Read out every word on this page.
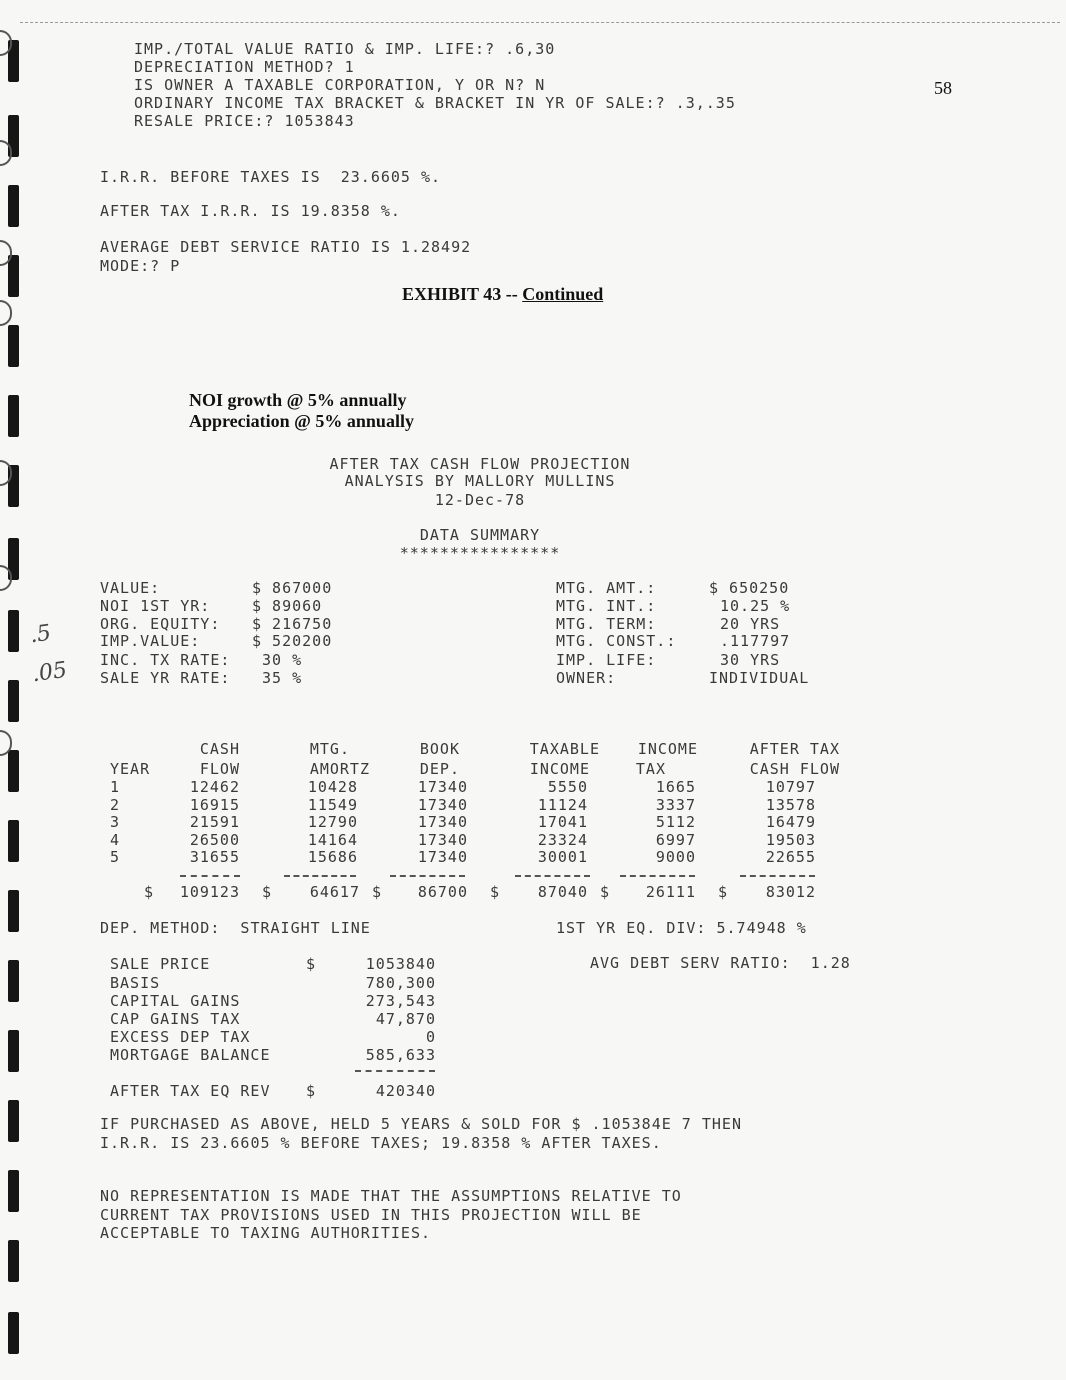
58
IMP./TOTAL VALUE RATIO & IMP. LIFE:? .6,30
DEPRECIATION METHOD? 1
IS OWNER A TAXABLE CORPORATION, Y OR N? N
ORDINARY INCOME TAX BRACKET & BRACKET IN YR OF SALE:? .3,.35
RESALE PRICE:? 1053843
I.R.R. BEFORE TAXES IS  23.6605 %.
AFTER TAX I.R.R. IS 19.8358 %.
AVERAGE DEBT SERVICE RATIO IS 1.28492
MODE:? P
EXHIBIT 43 -- Continued
NOI growth @ 5% annually
Appreciation @ 5% annually
AFTER TAX CASH FLOW PROJECTION
ANALYSIS BY MALLORY MULLINS
12-Dec-78
DATA SUMMARY
****************
VALUE:	$ 867000
NOI 1ST YR:	$ 89060
ORG. EQUITY: $ 216750
IMP.VALUE:	$ 520200
INC. TX RATE: 30 %
SALE YR RATE: 35 %
MTG. AMT.:	$ 650250
MTG. INT.:	10.25 %
MTG. TERM:	20 YRS
MTG. CONST.:	.117797
IMP. LIFE:	30 YRS
OWNER:	INDIVIDUAL
.5
.05
CASH	MTG.	BOOK	TAXABLE	INCOME	AFTER TAX
YEAR	FLOW	AMORTZ	DEP.	INCOME	TAX	CASH FLOW
1	12462	10428	17340	5550	1665	10797
2	16915	11549	17340	11124	3337	13578
3	21591	12790	17340	17041	5112	16479
4	26500	14164	17340	23324	6997	19503
5	31655	15686	17340	30001	9000	22655
$	109123 $	64617 $	86700 $	87040 $	26111 $	83012
DEP. METHOD:  STRAIGHT LINE	1ST YR EQ. DIV: 5.74948 %
AVG DEBT SERV RATIO:  1.28
SALE PRICE	$	1053840
BASIS	780,300
CAPITAL GAINS	273,543
CAP GAINS TAX	47,870
EXCESS DEP TAX	0
MORTGAGE BALANCE	585,633
AFTER TAX EQ REV $	420340
IF PURCHASED AS ABOVE, HELD 5 YEARS & SOLD FOR $ .105384E 7 THEN
I.R.R. IS 23.6605 % BEFORE TAXES; 19.8358 % AFTER TAXES.
NO REPRESENTATION IS MADE THAT THE ASSUMPTIONS RELATIVE TO
CURRENT TAX PROVISIONS USED IN THIS PROJECTION WILL BE
ACCEPTABLE TO TAXING AUTHORITIES.
